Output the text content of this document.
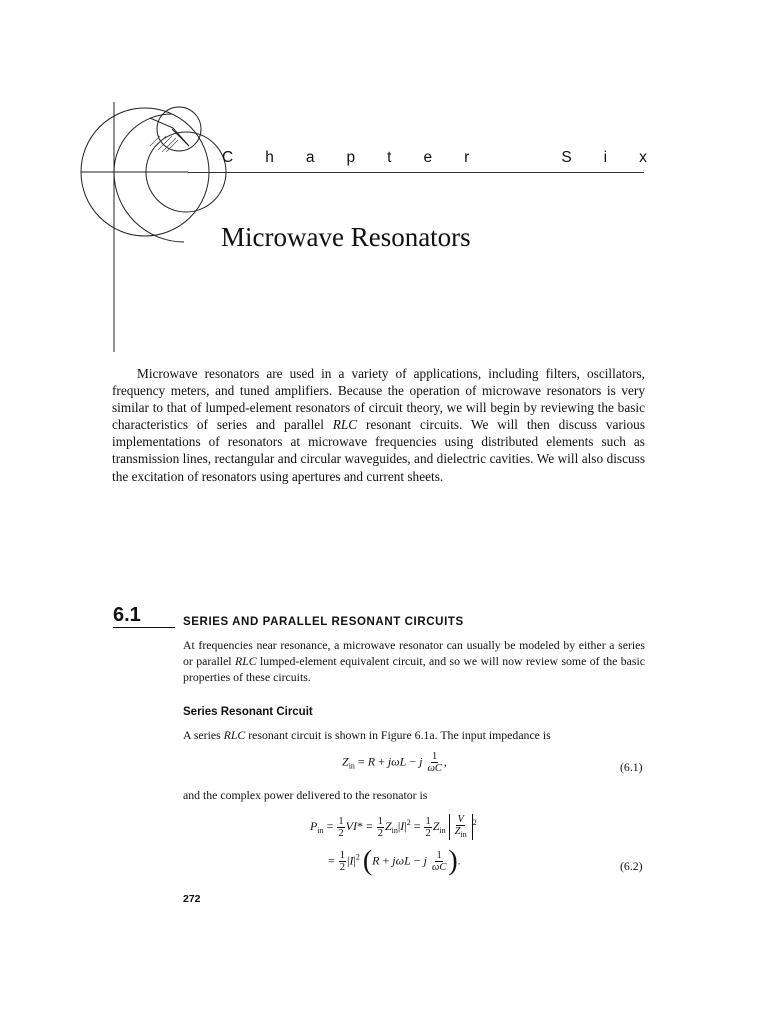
C h a p t e r	S i x
Microwave Resonators
Microwave resonators are used in a variety of applications, including filters, oscillators, frequency meters, and tuned amplifiers. Because the operation of microwave resonators is very similar to that of lumped-element resonators of circuit theory, we will begin by reviewing the basic characteristics of series and parallel RLC resonant circuits. We will then discuss various implementations of resonators at microwave frequencies using distributed elements such as transmission lines, rectangular and circular waveguides, and dielectric cavities. We will also discuss the excitation of resonators using apertures and current sheets.
6.1	SERIES AND PARALLEL RESONANT CIRCUITS
At frequencies near resonance, a microwave resonator can usually be modeled by either a series or parallel RLC lumped-element equivalent circuit, and so we will now review some of the basic properties of these circuits.
Series Resonant Circuit
A series RLC resonant circuit is shown in Figure 6.1a. The input impedance is
$Z_{in} = R + j\omega L - j \frac{1}{\omega C}$ ,	(6.1)
and the complex power delivered to the resonator is
$P_{in} = \frac{1}{2} VI* = \frac{1}{2} Z_{in}|I|^2 = \frac{1}{2} Z_{in} \frac{V}{Z_{in}} ^2$
= $\frac{1}{2} |I|^2$ (R + jωL − j $\frac{1}{\omega C}$ ).	(6.2)
272
